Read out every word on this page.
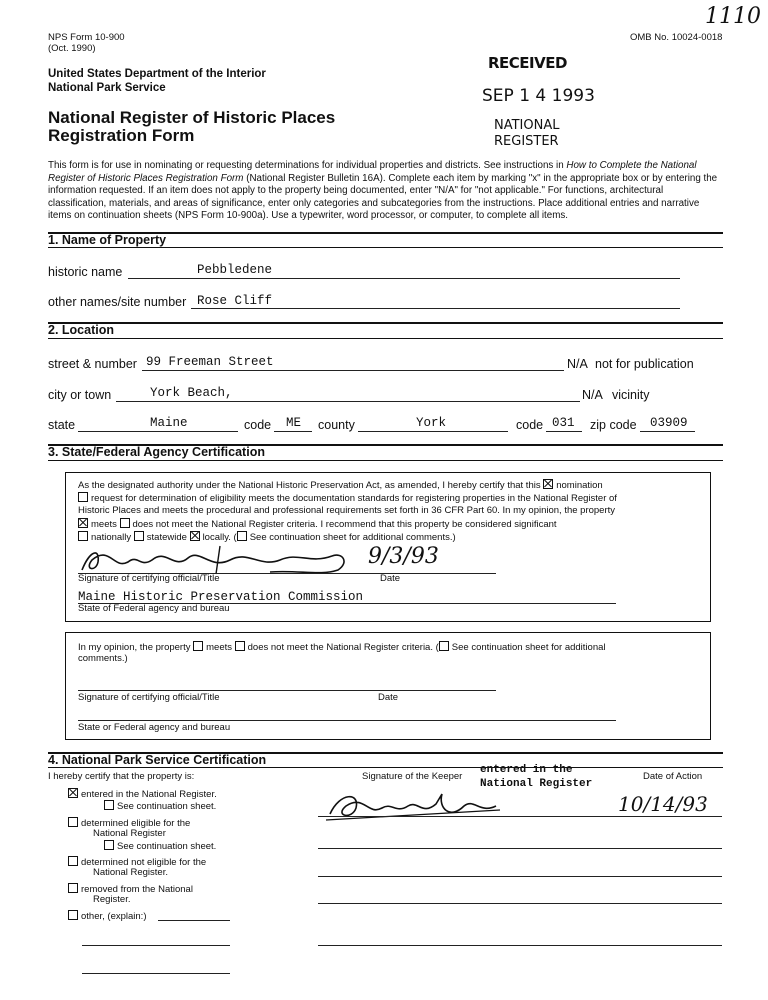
NPS Form 10-900
(Oct. 1990)
OMB No. 10024-0018
1110
United States Department of the Interior
National Park Service
National Register of Historic Places
Registration Form
RECEIVED
SEP 1 4 1993
NATIONAL
REGISTER
This form is for use in nominating or requesting determinations for individual properties and districts. See instructions in How to Complete the National Register of Historic Places Registration Form (National Register Bulletin 16A). Complete each item by marking "x" in the appropriate box or by entering the information requested. If an item does not apply to the property being documented, enter "N/A" for "not applicable." For functions, architectural classification, materials, and areas of significance, enter only categories and subcategories from the instructions. Place additional entries and narrative items on continuation sheets (NPS Form 10-900a). Use a typewriter, word processor, or computer, to complete all items.
1. Name of Property
historic name	Pebbledene
other names/site number Rose Cliff
2. Location
street & number 99 Freeman Street	N/A not for publication
city or town	York Beach,	N/A vicinity
state	Maine	code ME county	York	code 031 zip code 03909
3. State/Federal Agency Certification
As the designated authority under the National Historic Preservation Act, as amended, I hereby certify that this nomination
request for determination of eligibility meets the documentation standards for registering properties in the National Register of
Historic Places and meets the procedural and professional requirements set forth in 36 CFR Part 60. In my opinion, the property
meets does not meet the National Register criteria. I recommend that this property be considered significant
nationally statewide locally. ( See continuation sheet for additional comments.)
9/3/93
Signature of certifying official/Title	Date
Maine Historic Preservation Commission
State of Federal agency and bureau
In my opinion, the property meets does not meet the National Register criteria. ( See continuation sheet for additional
comments.)
Signature of certifying official/Title	Date
State or Federal agency and bureau
4. National Park Service Certification
I hereby certify that the property is:	Signature of the Keeper	Date of Action
entered in the
National Register
10/14/93
entered in the National Register.
See continuation sheet.
determined eligible for the
National Register
See continuation sheet.
determined not eligible for the
National Register.
removed from the National
Register.
other, (explain:)
